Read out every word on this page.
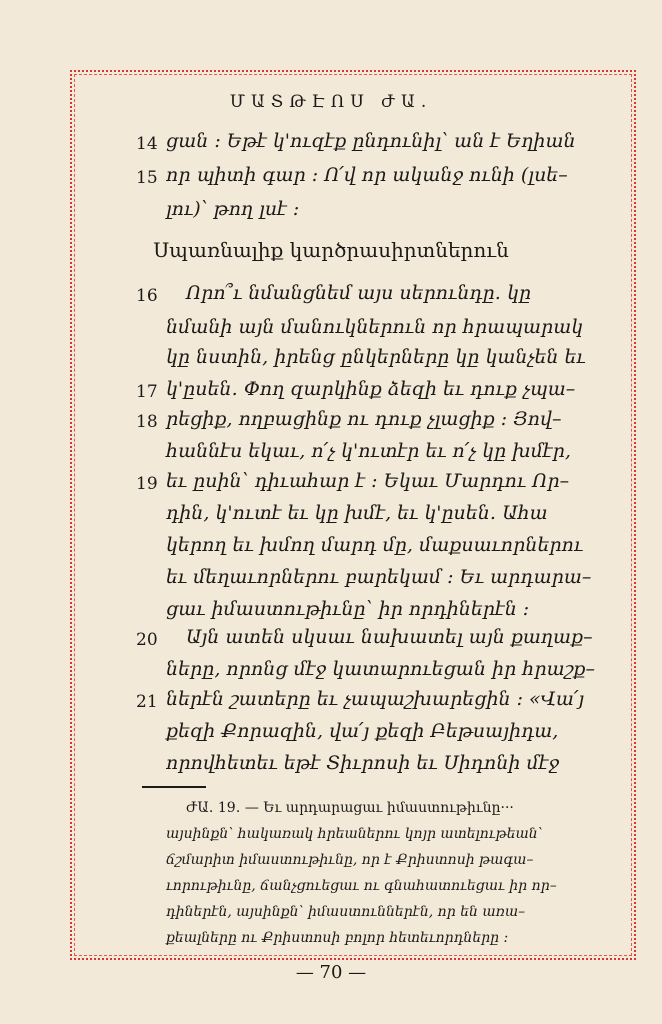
ՄԱՏԹԷՈՍ ԺԱ.
14 ցան : Եթէ կ'ուզէք ընդունիլ՝ ան է Եղիան
15 որ պիտի գար : Ո՛վ որ ականջ ունի (լսե–
լու)՝ թող լսէ :
Սպառնալիք կարծրասիրտներուն
16 Որո՞ւ նմանցնեմ այս սերունդը․ կը
նմանի այն մանուկներուն որ հրապարակ
կը նստին, իրենց ընկերները կը կանչեն եւ
17 կ'ըսեն․ Փող զարկինք ձեզի եւ դուք չպա–
18 րեցիք, ողբացինք ու դուք չլացիք : Յով–
հաննէս եկաւ, ո՛չ կ'ուտէր եւ ո՛չ կը խմէր,
19 եւ ըսին՝ դիւահար է : Եկաւ Մարդու Որ–
դին, կ'ուտէ եւ կը խմէ, եւ կ'ըսեն․ Ահա
կերող եւ խմող մարդ մը, մաքսաւորներու
եւ մեղաւորներու բարեկամ : Եւ արդարա–
ցաւ իմաստութիւնը՝ իր որդիներէն :
20 Այն ատեն սկսաւ նախատել այն քաղաք–
ները, որոնց մէջ կատարուեցան իր հրաշք–
21 ներէն շատերը եւ չապաշխարեցին : «Վա՛յ
քեզի Քորազին, վա՛յ քեզի Բեթսայիդա,
որովհետեւ եթէ Տիւրոսի եւ Սիդոնի մէջ
ԺԱ․ 19․ — Եւ արդարացաւ իմաստութիւնը···
այսինքն՝ հակառակ հրեաներու կոյր ատելութեան՝
ճշմարիտ իմաստութիւնը, որ է Քրիստոսի թագա–
ւորութիւնը, ճանչցուեցաւ ու գնահատուեցաւ իր որ–
դիներէն, այսինքն՝ իմաստուններէն, որ են առա–
քեալները ու Քրիստոսի բոլոր հետեւորդները :
— 70 —
